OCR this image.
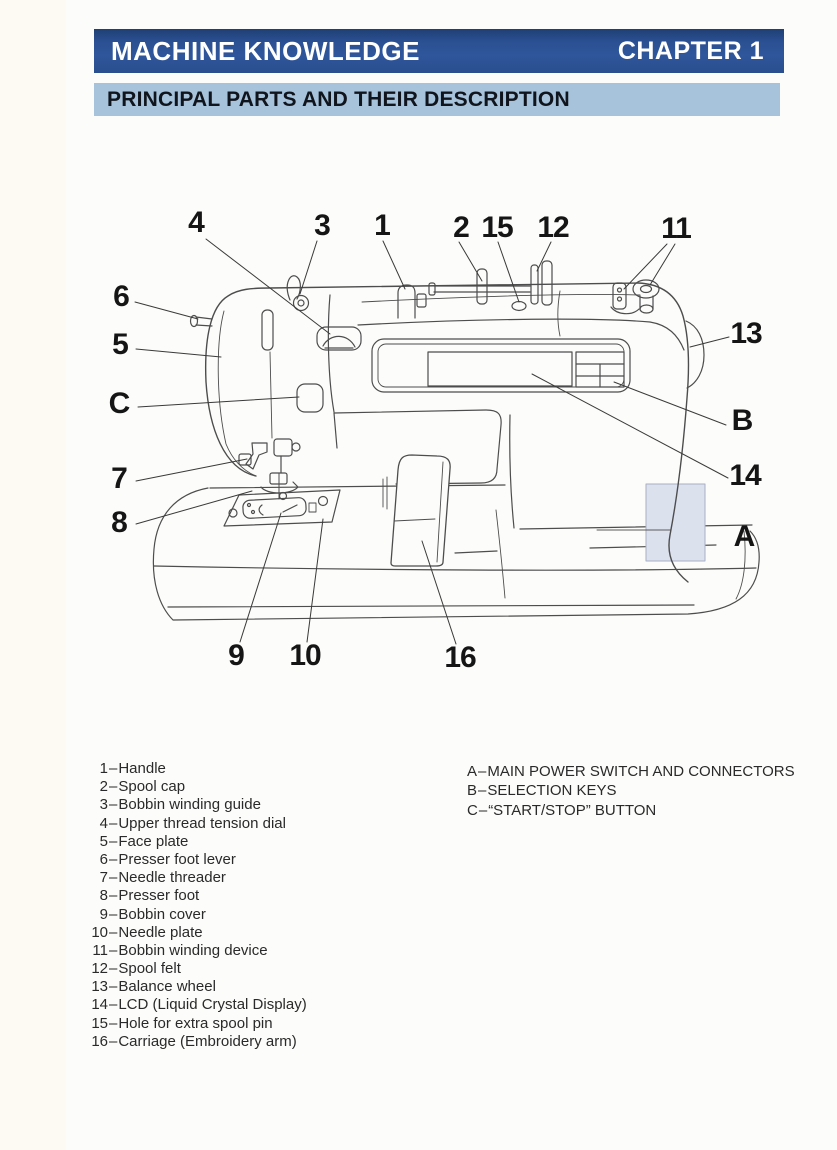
MACHINE KNOWLEDGE	CHAPTER 1
PRINCIPAL PARTS AND THEIR DESCRIPTION
4	3 1 2 15 12	11
6
5
C
7
8
13
B
14
A
9 10	16
1 – Handle
2 – Spool cap
3 – Bobbin winding guide
4 – Upper thread tension dial
5 – Face plate
6 – Presser foot lever
7 – Needle threader
8 – Presser foot
9 – Bobbin cover
10 – Needle plate
11 – Bobbin winding device
12 – Spool felt
13 – Balance wheel
14 – LCD (Liquid Crystal Display)
15 – Hole for extra spool pin
16 – Carriage (Embroidery arm)
A – MAIN POWER SWITCH AND CONNECTORS
B – SELECTION KEYS
C – “START/STOP” BUTTON
